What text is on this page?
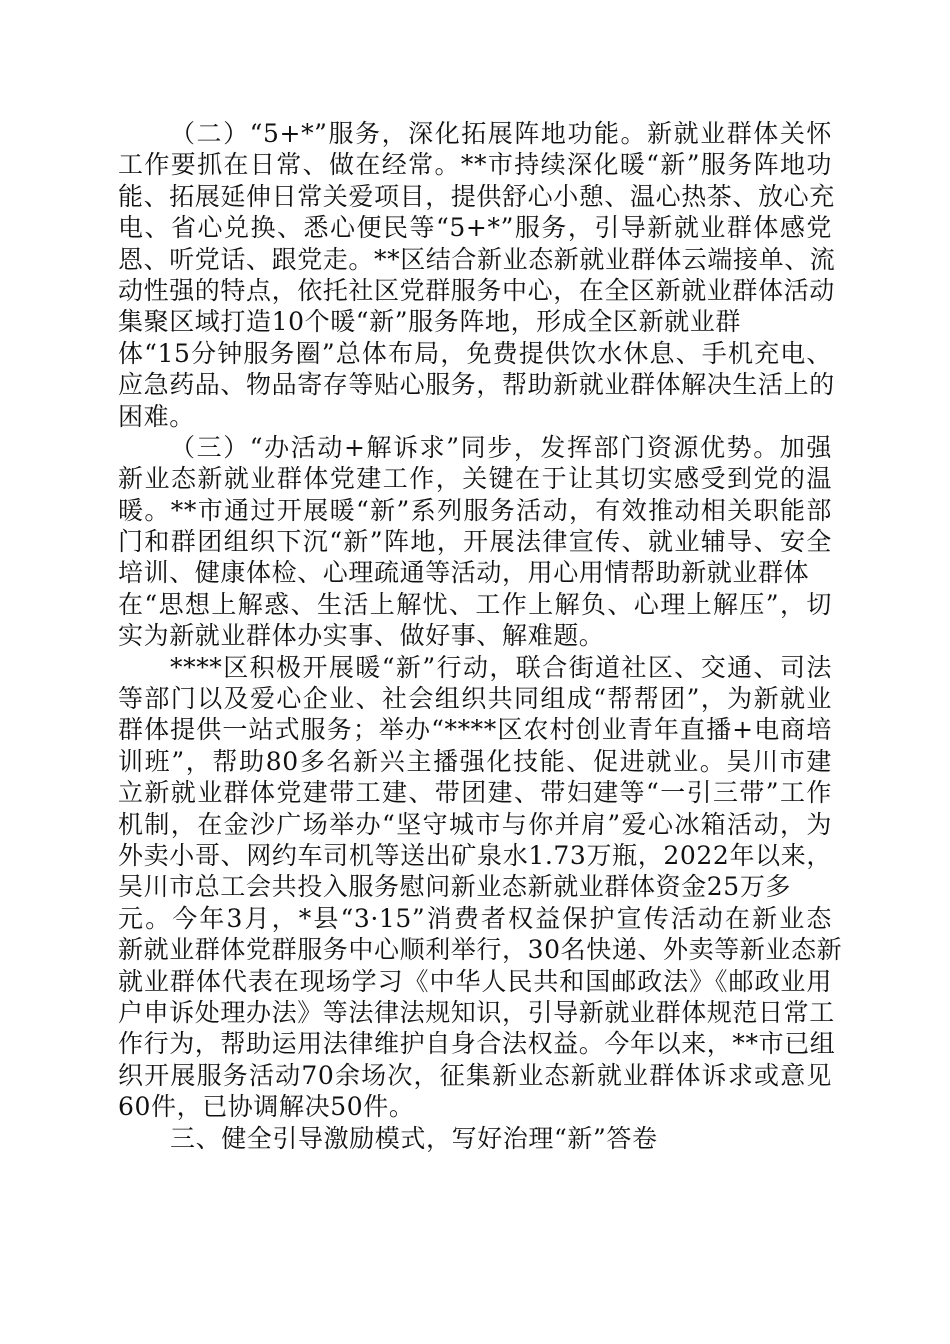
（二）“5+*”服务，深化拓展阵地功能。新就业群体关怀
工作要抓在日常、做在经常。**市持续深化暖“新”服务阵地功
能、拓展延伸日常关爱项目，提供舒心小憩、温心热茶、放心充
电、省心兑换、悉心便民等“5+*”服务，引导新就业群体感党
恩、听党话、跟党走。**区结合新业态新就业群体云端接单、流
动性强的特点，依托社区党群服务中心，在全区新就业群体活动
集聚区域打造10个暖“新”服务阵地，形成全区新就业群
体“15分钟服务圈”总体布局，免费提供饮水休息、手机充电、
应急药品、物品寄存等贴心服务，帮助新就业群体解决生活上的
困难。
（三）“办活动+解诉求”同步，发挥部门资源优势。加强
新业态新就业群体党建工作，关键在于让其切实感受到党的温
暖。**市通过开展暖“新”系列服务活动，有效推动相关职能部
门和群团组织下沉“新”阵地，开展法律宣传、就业辅导、安全
培训、健康体检、心理疏通等活动，用心用情帮助新就业群体
在“思想上解惑、生活上解忧、工作上解负、心理上解压”，切
实为新就业群体办实事、做好事、解难题。
****区积极开展暖“新”行动，联合街道社区、交通、司法
等部门以及爱心企业、社会组织共同组成“帮帮团”，为新就业
群体提供一站式服务；举办“****区农村创业青年直播+电商培
训班”，帮助80多名新兴主播强化技能、促进就业。吴川市建
立新就业群体党建带工建、带团建、带妇建等“一引三带”工作
机制，在金沙广场举办“坚守城市与你并肩”爱心冰箱活动，为
外卖小哥、网约车司机等送出矿泉水1.73万瓶，2022年以来，
吴川市总工会共投入服务慰问新业态新就业群体资金25万多
元。今年3月，*县“3·15”消费者权益保护宣传活动在新业态
新就业群体党群服务中心顺利举行，30名快递、外卖等新业态新
就业群体代表在现场学习《中华人民共和国邮政法》《邮政业用
户申诉处理办法》等法律法规知识，引导新就业群体规范日常工
作行为，帮助运用法律维护自身合法权益。今年以来，**市已组
织开展服务活动70余场次，征集新业态新就业群体诉求或意见
60件，已协调解决50件。
三、健全引导激励模式，写好治理“新”答卷
